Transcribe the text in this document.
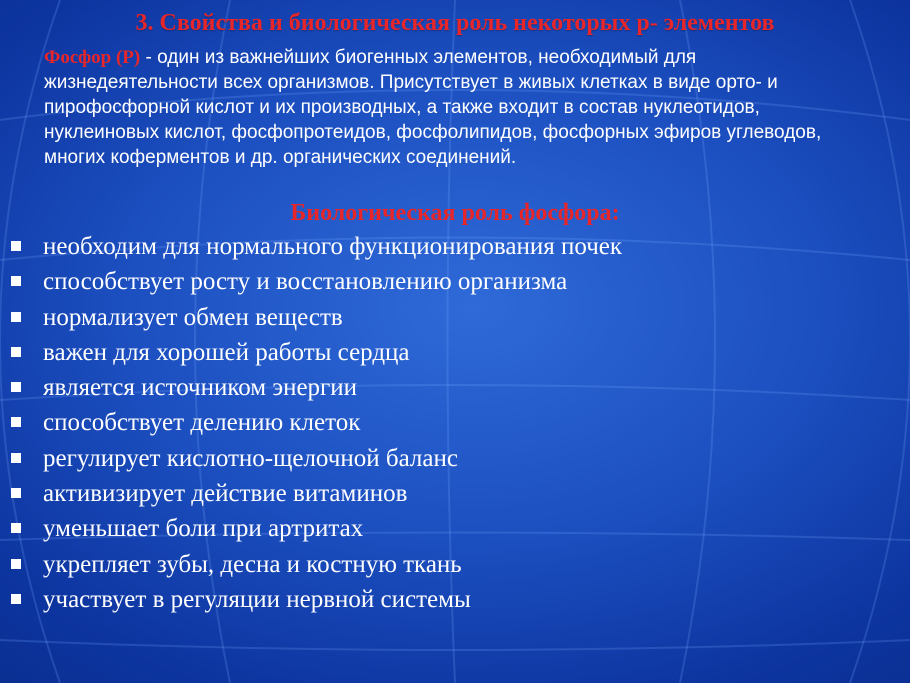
3. Свойства и биологическая роль некоторых р- элементов

Фосфор (Р) - один из важнейших биогенных элементов, необходимый для жизнедеятельности всех организмов. Присутствует в живых клетках в виде орто- и пирофосфорной кислот и их производных, а также входит в состав нуклеотидов, нуклеиновых кислот, фосфопротеидов, фосфолипидов, фосфорных эфиров углеводов, многих коферментов и др. органических соединений.

Биологическая роль фосфора:
необходим для нормального функционирования почек
способствует росту и восстановлению организма
нормализует обмен веществ
важен для хорошей работы сердца
является источником энергии
способствует делению клеток
регулирует кислотно-щелочной баланс
активизирует действие витаминов
уменьшает боли при артритах
укрепляет зубы, десна и костную ткань
участвует в регуляции нервной системы
